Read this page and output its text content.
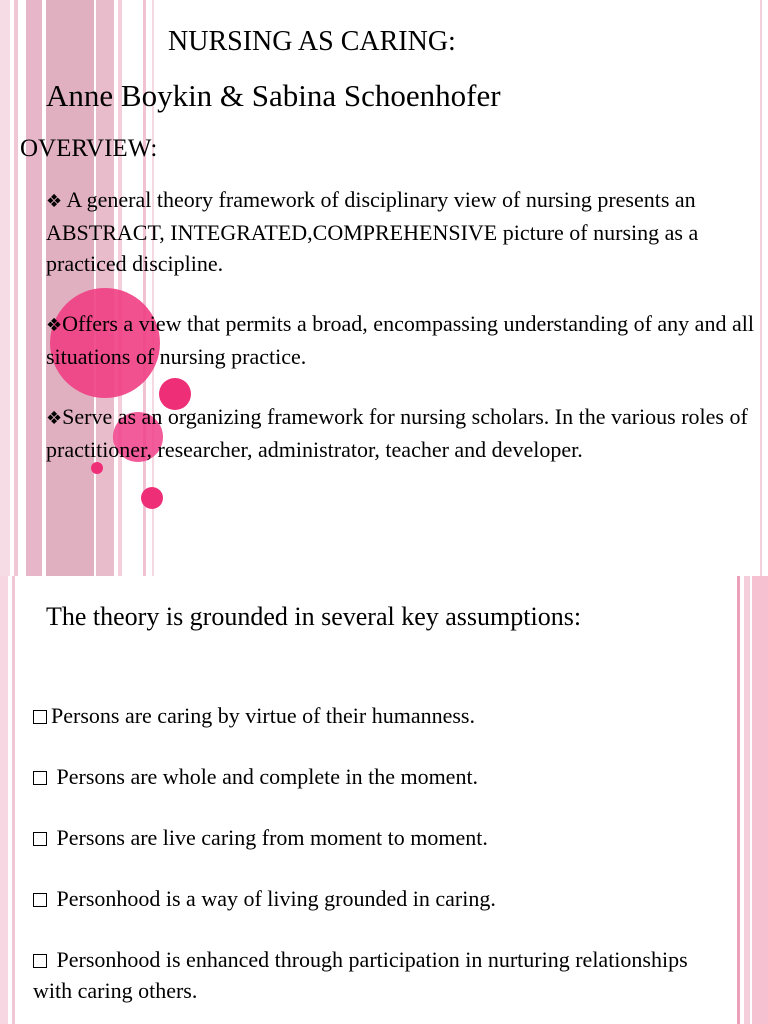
NURSING AS CARING:
Anne Boykin & Sabina Schoenhofer
OVERVIEW:

❖ A general theory framework of disciplinary view of nursing presents an ABSTRACT, INTEGRATED,COMPREHENSIVE picture of nursing as a practiced discipline.

❖Offers a view that permits a broad, encompassing understanding of any and all situations of nursing practice.

❖Serve as an organizing framework for nursing scholars. In the various roles of practitioner, researcher, administrator, teacher and developer.

The theory is grounded in several key assumptions:

Persons are caring by virtue of their humanness.

Persons are whole and complete in the moment.

Persons are live caring from moment to moment.

Personhood is a way of living grounded in caring.

Personhood is enhanced through participation in nurturing relationships with caring others.
